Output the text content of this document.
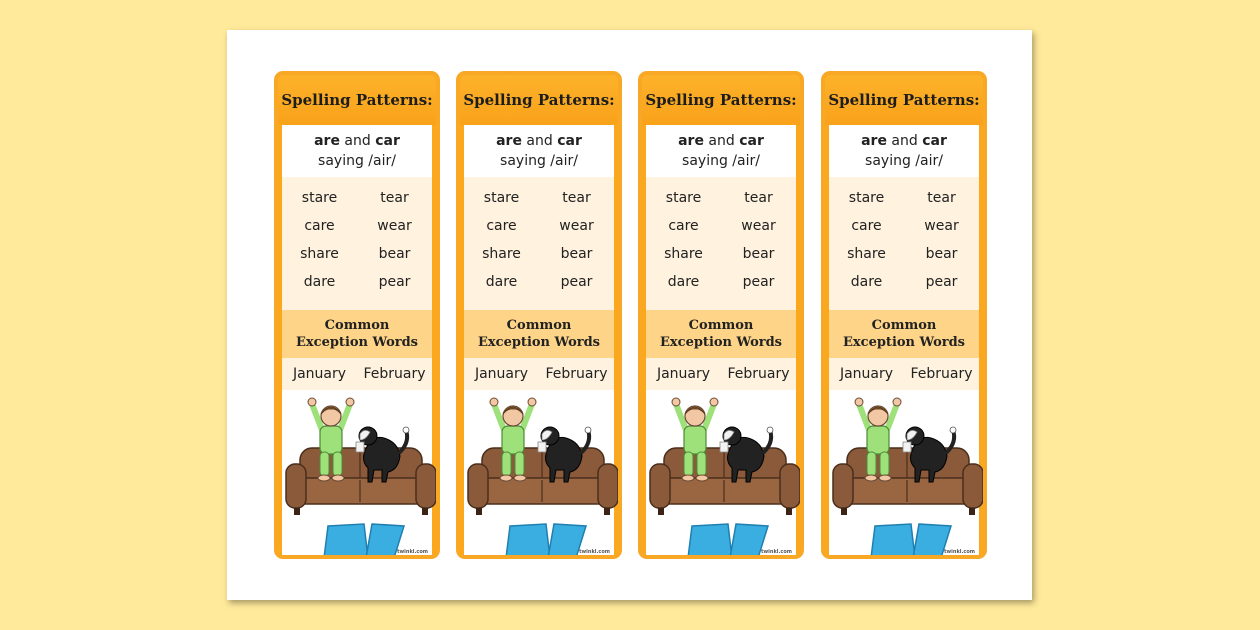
Spelling Patterns:
are and car
saying /air/
stare	tear
care	wear
share	bear
dare	pear
Common
Exception Words
January	February
twinkl.com
Spelling Patterns:
are and car
saying /air/
stare	tear
care	wear
share	bear
dare	pear
Common
Exception Words
January	February
twinkl.com
Spelling Patterns:
are and car
saying /air/
stare	tear
care	wear
share	bear
dare	pear
Common
Exception Words
January	February
twinkl.com
Spelling Patterns:
are and car
saying /air/
stare	tear
care	wear
share	bear
dare	pear
Common
Exception Words
January	February
twinkl.com
